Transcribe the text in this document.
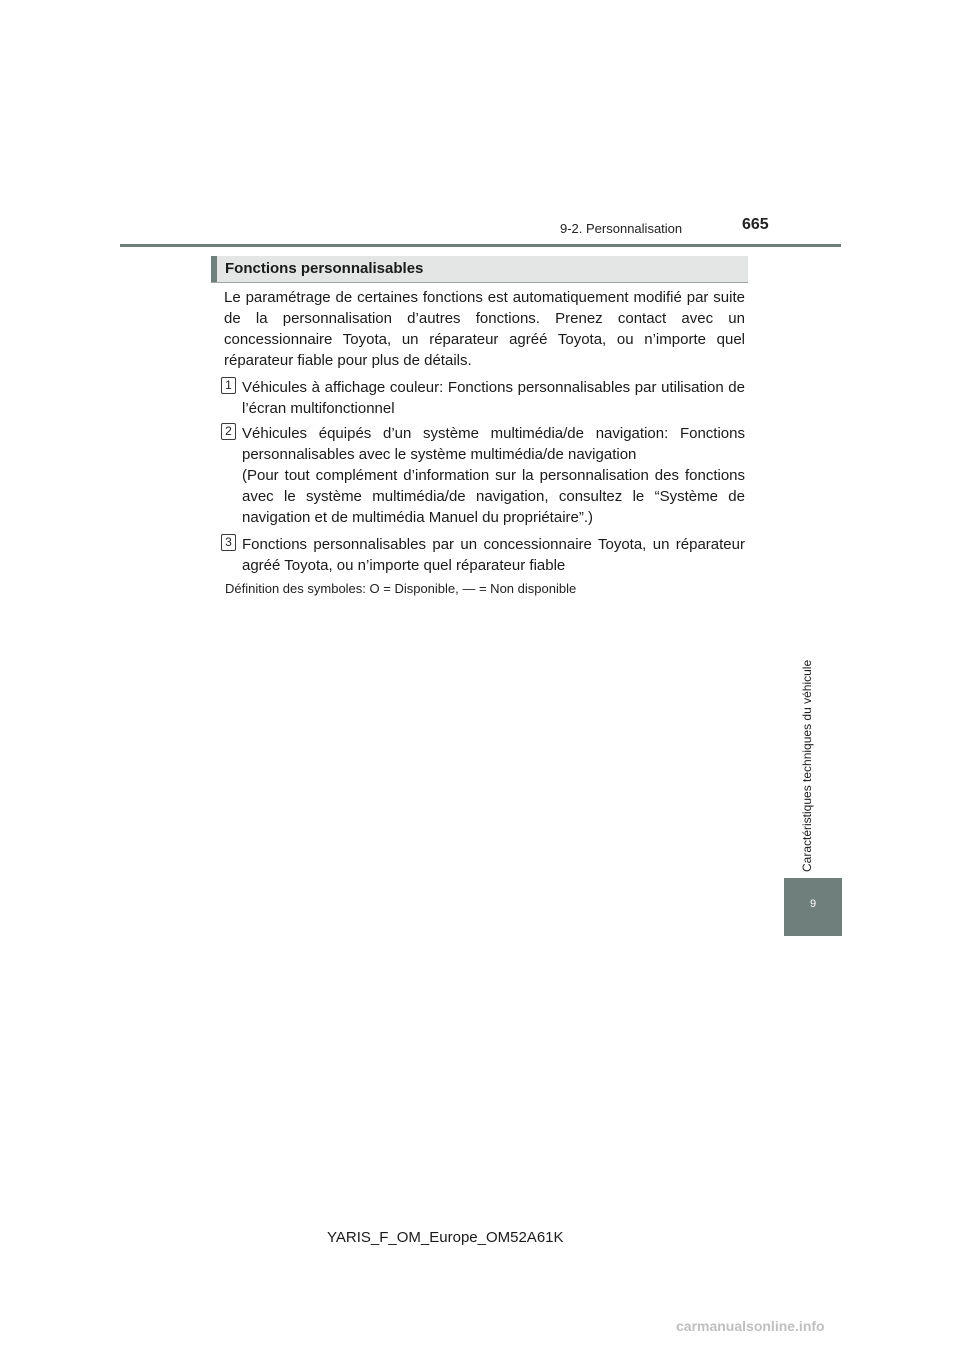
9-2. Personnalisation	665
Fonctions personnalisables
Le paramétrage de certaines fonctions est automatiquement modifié par suite de la personnalisation d’autres fonctions. Prenez contact avec un concessionnaire Toyota, un réparateur agréé Toyota, ou n’importe quel réparateur fiable pour plus de détails.
1 Véhicules à affichage couleur: Fonctions personnalisables par utilisation de l’écran multifonctionnel
2 Véhicules équipés d’un système multimédia/de navigation: Fonctions personnalisables avec le système multimédia/de navigation
(Pour tout complément d’information sur la personnalisation des fonctions avec le système multimédia/de navigation, consultez le “Système de navigation et de multimédia Manuel du propriétaire”.)
3 Fonctions personnalisables par un concessionnaire Toyota, un réparateur agréé Toyota, ou n’importe quel réparateur fiable
Définition des symboles: O = Disponible, — = Non disponible
Caractéristiques techniques du véhicule
9
YARIS_F_OM_Europe_OM52A61K
carmanualsonline.info
